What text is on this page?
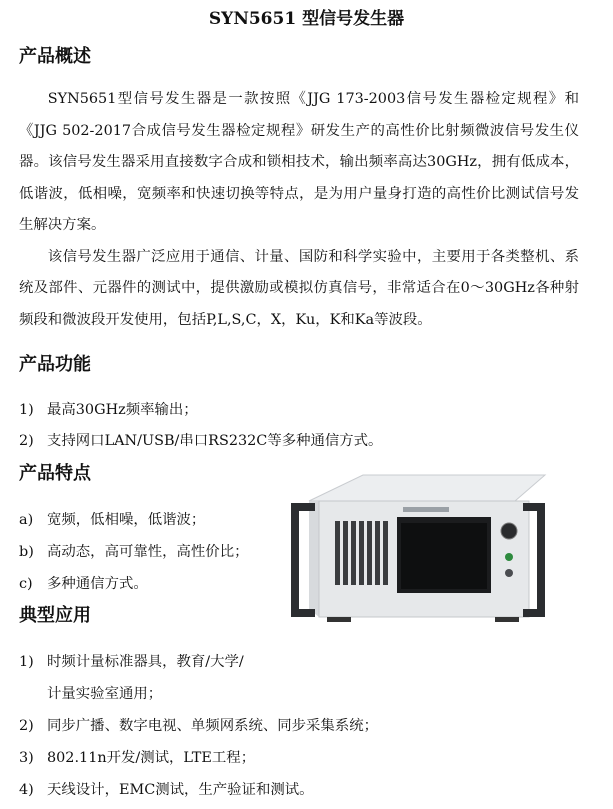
SYN5651 型信号发生器
产品概述

SYN5651型信号发生器是一款按照《JJG 173-2003信号发生器检定规程》和《JJG 502-2017合成信号发生器检定规程》研发生产的高性价比射频微波信号发生仪器。该信号发生器采用直接数字合成和锁相技术，输出频率高达30GHz，拥有低成本，低谐波，低相噪，宽频率和快速切换等特点，是为用户量身打造的高性价比测试信号发生解决方案。

该信号发生器广泛应用于通信、计量、国防和科学实验中，主要用于各类整机、系统及部件、元器件的测试中，提供激励或模拟仿真信号，非常适合在0～30GHz各种射频段和微波段开发使用，包括P,L,S,C，X，Ku，K和Ka等波段。

产品功能
1) 最高30GHz频率输出；
2) 支持网口LAN/USB/串口RS232C等多种通信方式。
产品特点
a) 宽频，低相噪，低谐波；
b) 高动态，高可靠性，高性价比；
c) 多种通信方式。
典型应用
1) 时频计量标准器具，教育/大学/
计量实验室通用；
2) 同步广播、数字电视、单频网系统、同步采集系统；
3) 802.11n开发/测试，LTE工程；
4) 天线设计，EMC测试，生产验证和测试。
